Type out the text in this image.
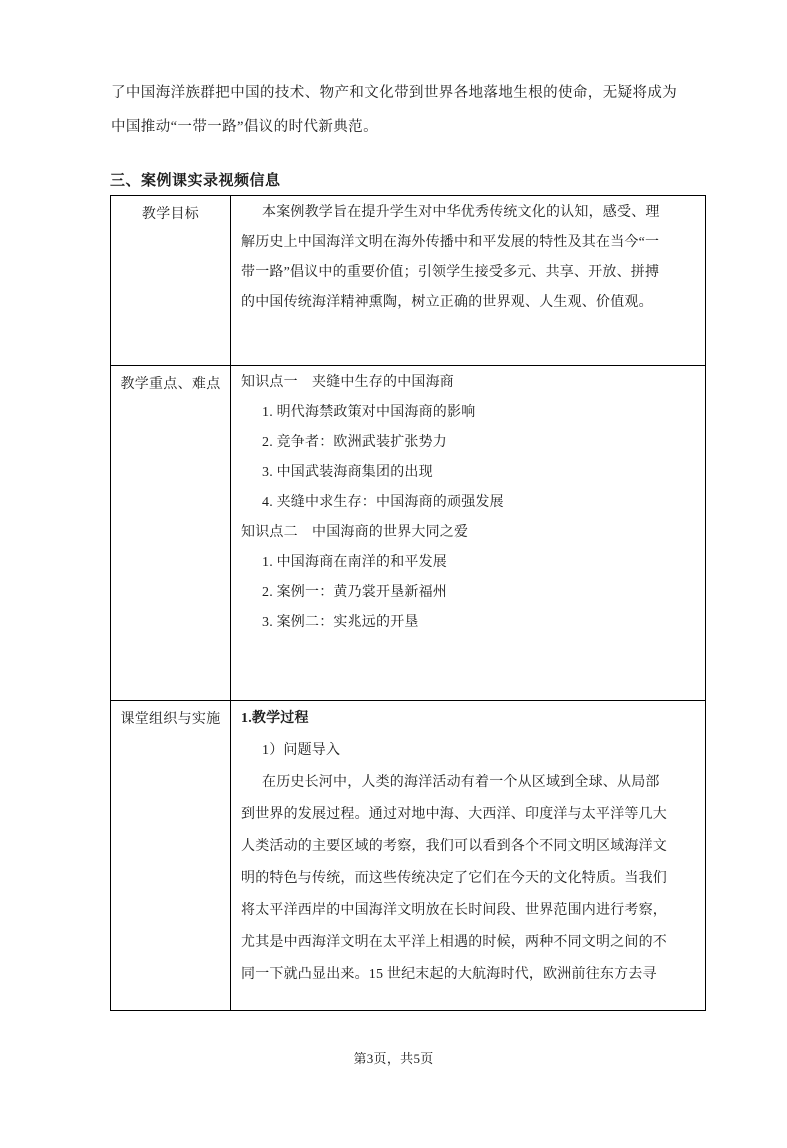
了中国海洋族群把中国的技术、物产和文化带到世界各地落地生根的使命，无疑将成为
中国推动“一带一路”倡议的时代新典范。
三、案例课实录视频信息
教学目标	本案例教学旨在提升学生对中华优秀传统文化的认知，感受、理
解历史上中国海洋文明在海外传播中和平发展的特性及其在当今“一
带一路”倡议中的重要价值；引领学生接受多元、共享、开放、拼搏
的中国传统海洋精神熏陶，树立正确的世界观、人生观、价值观。

教学重点、难点	知识点一　夹缝中生存的中国海商
1. 明代海禁政策对中国海商的影响
2. 竞争者：欧洲武装扩张势力
3. 中国武装海商集团的出现
4. 夹缝中求生存：中国海商的顽强发展
知识点二　中国海商的世界大同之爱
1. 中国海商在南洋的和平发展
2. 案例一：黄乃裳开垦新福州
3. 案例二：实兆远的开垦

课堂组织与实施	1.教学过程
1）问题导入
在历史长河中，人类的海洋活动有着一个从区域到全球、从局部
到世界的发展过程。通过对地中海、大西洋、印度洋与太平洋等几大
人类活动的主要区域的考察，我们可以看到各个不同文明区域海洋文
明的特色与传统，而这些传统决定了它们在今天的文化特质。当我们
将太平洋西岸的中国海洋文明放在长时间段、世界范围内进行考察，
尤其是中西海洋文明在太平洋上相遇的时候，两种不同文明之间的不
同一下就凸显出来。15 世纪末起的大航海时代，欧洲前往东方去寻
第3页，共5页
